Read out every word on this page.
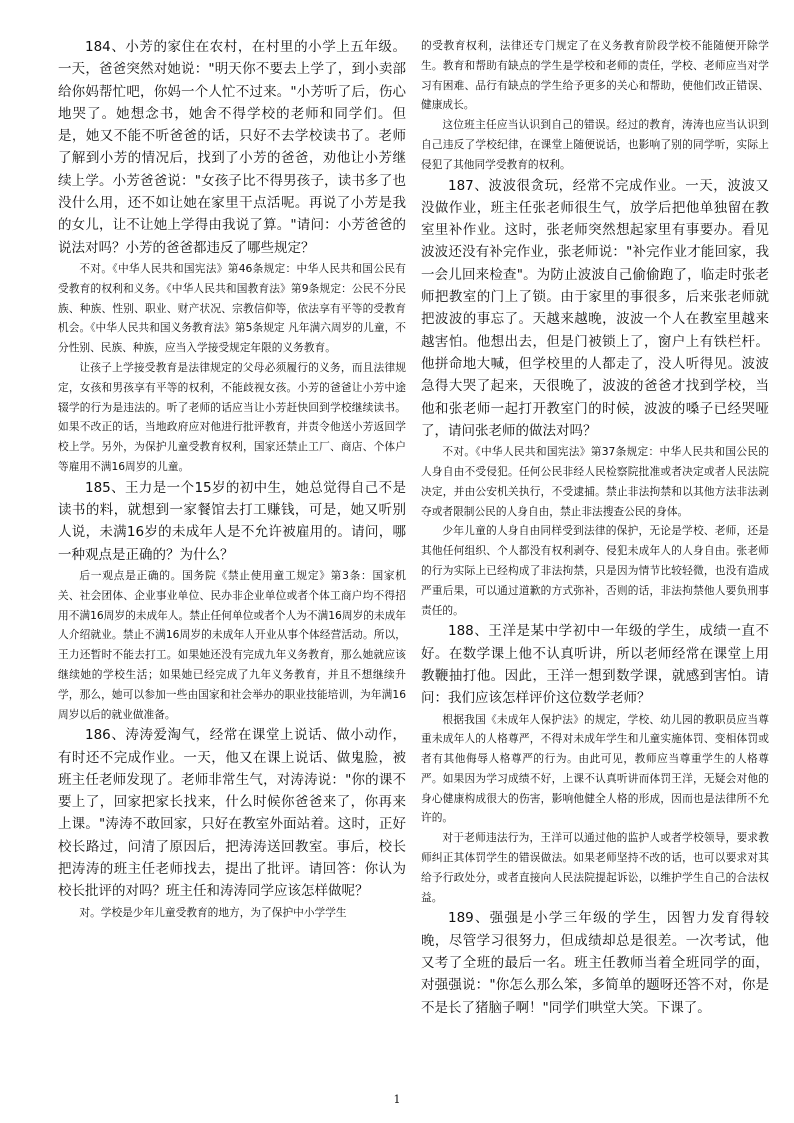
184、小芳的家住在农村，在村里的小学上五年级。一天，爸爸突然对她说："明天你不要去上学了，到小卖部给你妈帮忙吧，你妈一个人忙不过来。"小芳听了后，伤心地哭了。她想念书，她舍不得学校的老师和同学们。但是，她又不能不听爸爸的话，只好不去学校读书了。老师了解到小芳的情况后，找到了小芳的爸爸，劝他让小芳继续上学。小芳爸爸说："女孩子比不得男孩子，读书多了也没什么用，还不如让她在家里干点活呢。再说了小芳是我的女儿，让不让她上学得由我说了算。"请问：小芳爸爸的说法对吗？小芳的爸爸都违反了哪些规定？

不对。《中华人民共和国宪法》第46条规定：中华人民共和国公民有受教育的权利和义务。《中华人民共和国教育法》第9条规定：公民不分民族、种族、性别、职业、财产状况、宗教信仰等，依法享有平等的受教育机会。《中华人民共和国义务教育法》第5条规定 凡年满六周岁的儿童，不分性别、民族、种族，应当入学接受规定年限的义务教育。

让孩子上学接受教育是法律规定的父母必须履行的义务，而且法律规定，女孩和男孩享有平等的权利，不能歧视女孩。小芳的爸爸让小芳中途辍学的行为是违法的。听了老师的话应当让小芳赶快回到学校继续读书。如果不改正的话，当地政府应对他进行批评教育，并责令他送小芳返回学校上学。另外，为保护儿童受教育权利，国家还禁止工厂、商店、个体户等雇用不满16周岁的儿童。

185、王力是一个15岁的初中生，她总觉得自己不是读书的料，就想到一家餐馆去打工赚钱，可是，她又听别人说，未满16岁的未成年人是不允许被雇用的。请问，哪一种观点是正确的？为什么？

后一观点是正确的。国务院《禁止使用童工规定》第3条：国家机关、社会团体、企业事业单位、民办非企业单位或者个体工商户均不得招用不满16周岁的未成年人。禁止任何单位或者个人为不满16周岁的未成年人介绍就业。禁止不满16周岁的未成年人开业从事个体经营活动。所以，王力还暂时不能去打工。如果她还没有完成九年义务教育，那么她就应该继续她的学校生活；如果她已经完成了九年义务教育，并且不想继续升学，那么，她可以参加一些由国家和社会举办的职业技能培训，为年满16周岁以后的就业做准备。

186、涛涛爱淘气，经常在课堂上说话、做小动作，有时还不完成作业。一天，他又在课上说话、做鬼脸，被班主任老师发现了。老师非常生气，对涛涛说："你的课不要上了，回家把家长找来，什么时候你爸爸来了，你再来上课。"涛涛不敢回家，只好在教室外面站着。这时，正好校长路过，问清了原因后，把涛涛送回教室。事后，校长把涛涛的班主任老师找去，提出了批评。请回答：你认为校长批评的对吗？班主任和涛涛同学应该怎样做呢？

对。学校是少年儿童受教育的地方，为了保护中小学学生

的受教育权利，法律还专门规定了在义务教育阶段学校不能随便开除学生。教育和帮助有缺点的学生是学校和老师的责任，学校、老师应当对学习有困难、品行有缺点的学生给予更多的关心和帮助，使他们改正错误、健康成长。

这位班主任应当认识到自己的错误。经过的教育，涛涛也应当认识到自己违反了学校纪律，在课堂上随便说话，也影响了别的同学听，实际上侵犯了其他同学受教育的权利。

187、波波很贪玩，经常不完成作业。一天，波波又没做作业，班主任张老师很生气，放学后把他单独留在教室里补作业。这时，张老师突然想起家里有事要办。看见波波还没有补完作业，张老师说："补完作业才能回家，我一会儿回来检查"。为防止波波自己偷偷跑了，临走时张老师把教室的门上了锁。由于家里的事很多，后来张老师就把波波的事忘了。天越来越晚，波波一个人在教室里越来越害怕。他想出去，但是门被锁上了，窗户上有铁栏杆。他拼命地大喊，但学校里的人都走了，没人听得见。波波急得大哭了起来，天很晚了，波波的爸爸才找到学校，当他和张老师一起打开教室门的时候，波波的嗓子已经哭哑了，请问张老师的做法对吗？

不对。《中华人民共和国宪法》第37条规定：中华人民共和国公民的人身自由不受侵犯。任何公民非经人民检察院批准或者决定或者人民法院决定，并由公安机关执行，不受逮捕。禁止非法拘禁和以其他方法非法剥夺或者限制公民的人身自由，禁止非法搜查公民的身体。

少年儿童的人身自由同样受到法律的保护，无论是学校、老师，还是其他任何组织、个人都没有权利剥夺、侵犯未成年人的人身自由。张老师的行为实际上已经构成了非法拘禁，只是因为情节比较轻微，也没有造成严重后果，可以通过道歉的方式弥补，否则的话，非法拘禁他人要负刑事责任的。

188、王洋是某中学初中一年级的学生，成绩一直不好。在数学课上他不认真听讲，所以老师经常在课堂上用教鞭抽打他。因此，王洋一想到数学课，就感到害怕。请问：我们应该怎样评价这位数学老师？

根据我国《未成年人保护法》的规定，学校、幼儿园的教职员应当尊重未成年人的人格尊严，不得对未成年学生和儿童实施体罚、变相体罚或者有其他侮辱人格尊严的行为。由此可见，教师应当尊重学生的人格尊严。如果因为学习成绩不好，上课不认真听讲而体罚王洋，无疑会对他的身心健康构成很大的伤害，影响他健全人格的形成，因而也是法律所不允许的。

对于老师违法行为，王洋可以通过他的监护人或者学校领导，要求教师纠正其体罚学生的错误做法。如果老师坚持不改的话，也可以要求对其给予行政处分，或者直接向人民法院提起诉讼，以维护学生自己的合法权益。

189、强强是小学三年级的学生，因智力发育得较晚，尽管学习很努力，但成绩却总是很差。一次考试，他又考了全班的最后一名。班主任教师当着全班同学的面，对强强说："你怎么那么笨，多简单的题呀还答不对，你是不是长了猪脑子啊！"同学们哄堂大笑。下课了。

1
